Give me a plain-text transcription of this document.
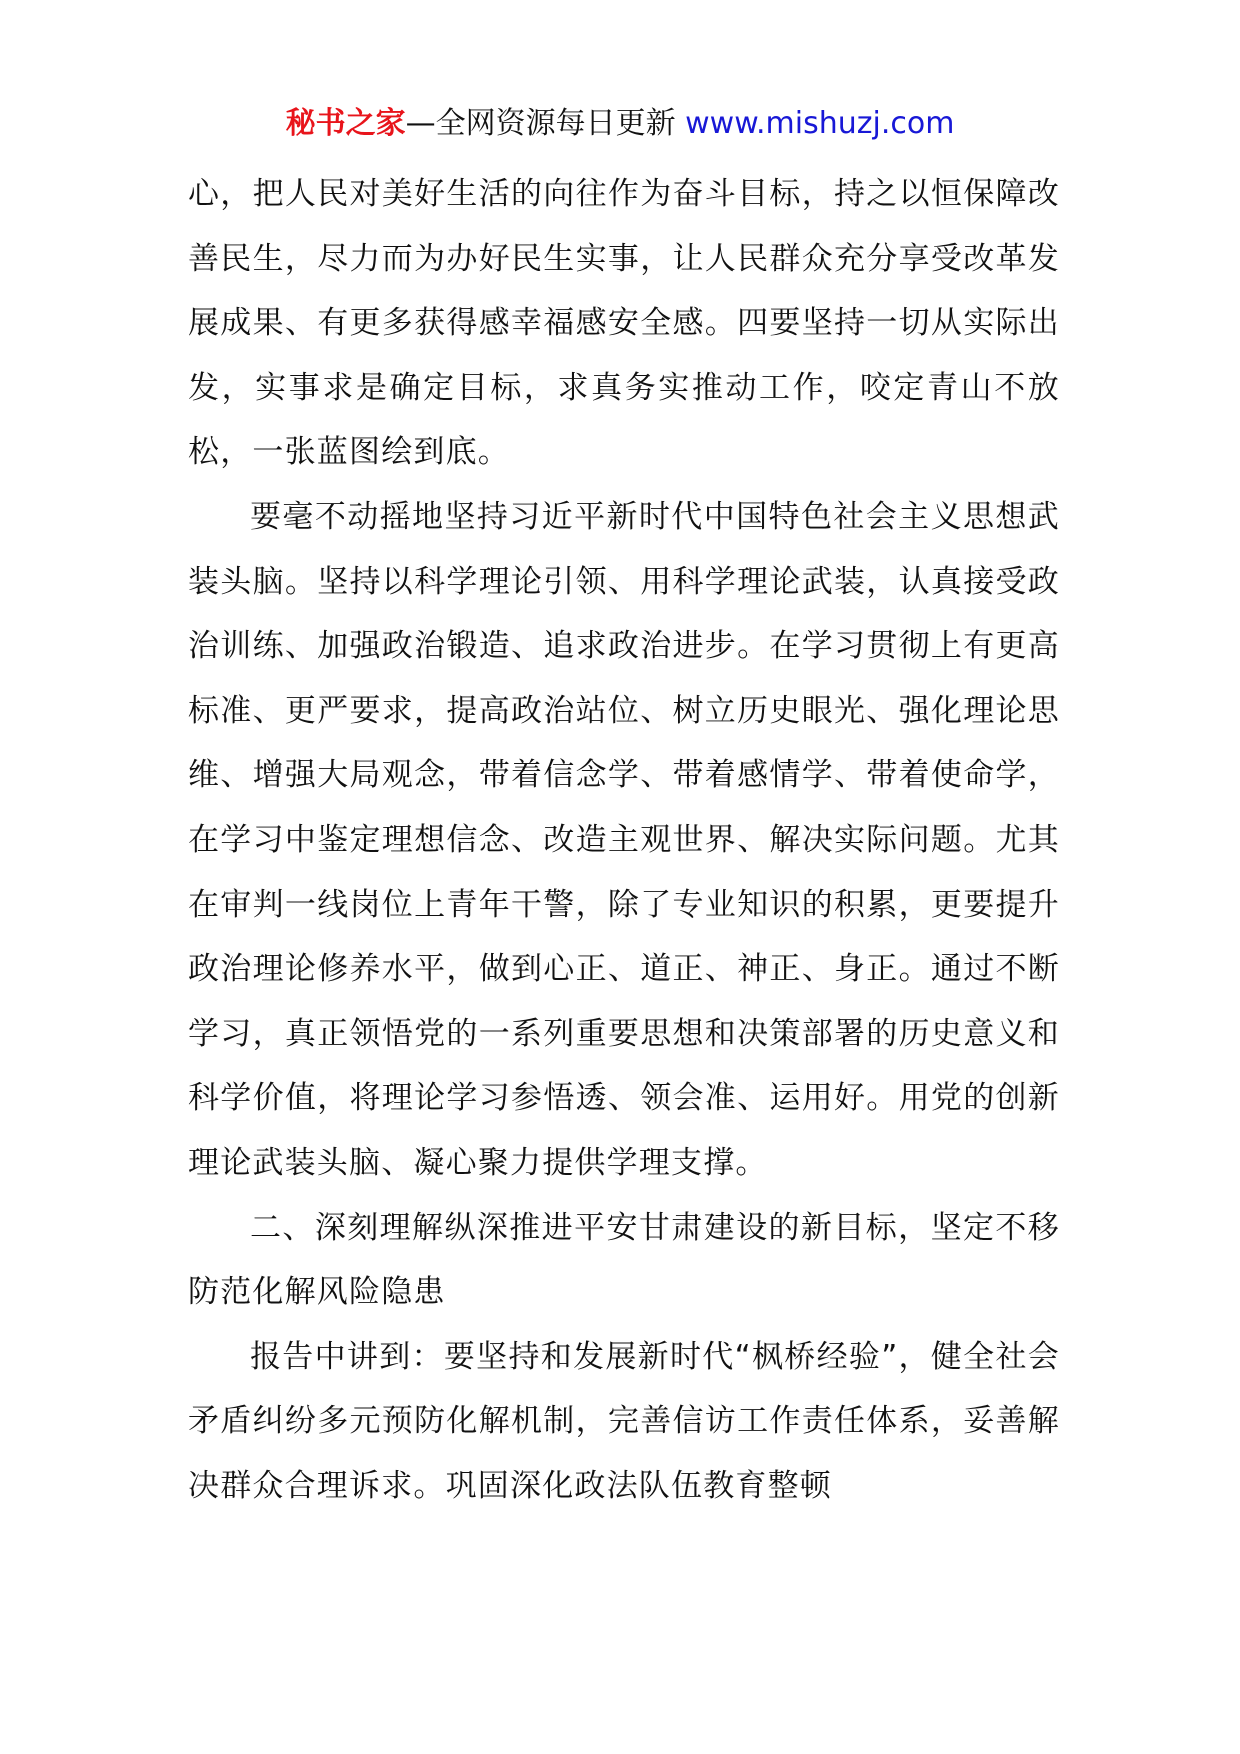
秘书之家—全网资源每日更新 www.mishuzj.com

心，把人民对美好生活的向往作为奋斗目标，持之以恒保障改善民生，尽力而为办好民生实事，让人民群众充分享受改革发展成果、有更多获得感幸福感安全感。四要坚持一切从实际出发，实事求是确定目标，求真务实推动工作，咬定青山不放松，一张蓝图绘到底。

要毫不动摇地坚持习近平新时代中国特色社会主义思想武装头脑。坚持以科学理论引领、用科学理论武装，认真接受政治训练、加强政治锻造、追求政治进步。在学习贯彻上有更高标准、更严要求，提高政治站位、树立历史眼光、强化理论思维、增强大局观念，带着信念学、带着感情学、带着使命学，在学习中鉴定理想信念、改造主观世界、解决实际问题。尤其在审判一线岗位上青年干警，除了专业知识的积累，更要提升政治理论修养水平，做到心正、道正、神正、身正。通过不断学习，真正领悟党的一系列重要思想和决策部署的历史意义和科学价值，将理论学习参悟透、领会准、运用好。用党的创新理论武装头脑、凝心聚力提供学理支撑。

二、深刻理解纵深推进平安甘肃建设的新目标，坚定不移防范化解风险隐患

报告中讲到：要坚持和发展新时代“枫桥经验”，健全社会矛盾纠纷多元预防化解机制，完善信访工作责任体系，妥善解决群众合理诉求。巩固深化政法队伍教育整顿
